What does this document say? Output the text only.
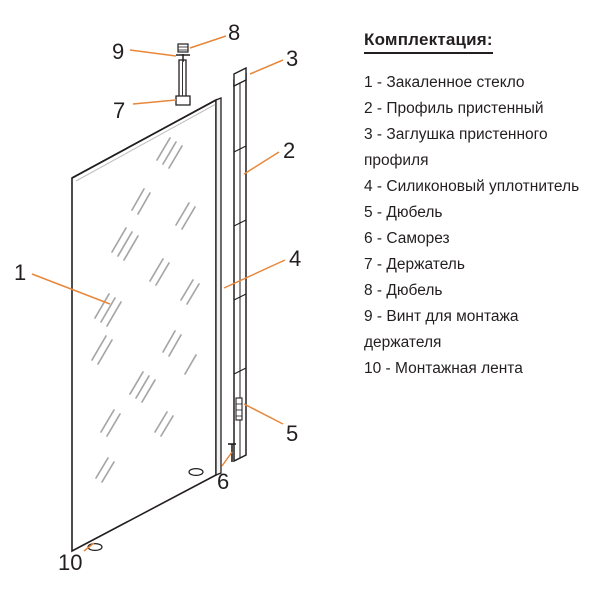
1
2
3
4
5
6
7
8
9
10
Комплектация:
1 - Закаленное стекло
2 - Профиль пристенный
3 - Заглушка пристенного профиля
4 - Силиконовый уплотнитель
5 - Дюбель
6 - Саморез
7 - Держатель
8 - Дюбель
9 - Винт для монтажа держателя
10 - Монтажная лента
